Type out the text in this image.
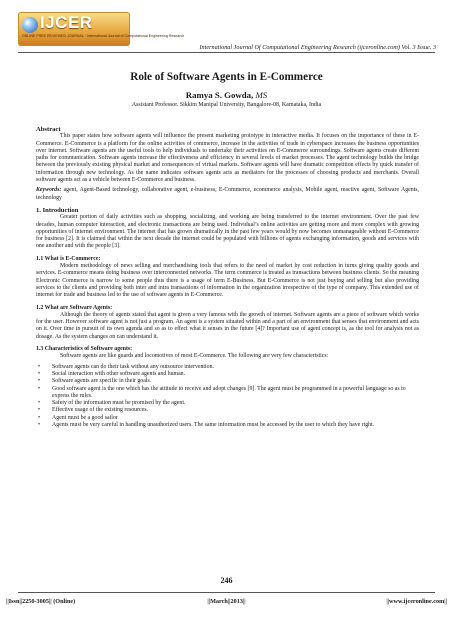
IJCER
ONLINE FREE REVIEWED JOURNAL · International Journal of Computational Engineering Research
International Journal Of Computational Engineering Research (ijceronline.com) Vol. 3 Issue. 3
Role of Software Agents in E-Commerce
Ramya S. Gowda, MS
Assistant Professor. Sikkim Manipal University, Bangalore-08, Karnataka, India

Abstract

This paper states how software agents will influence the present marketing prototype in interactive media. It focuses on the importance of these in E-Commerce. E-Commerce is a platform for the online activities of commerce, increase in the activities of trade in cyberspace increases the business opportunities over internet. Software agents are the useful tools to help individuals to undertake their activities on E-Commerce surroundings. Software agents create different paths for communication. Software agents increase the effectiveness and efficiency in several levels of market processes. The agent technology builds the bridge between the previously existing physical market and consequences of virtual markets. Software agents will have dramatic competition effects by quick transfer of information through new technology. As the name indicates software agents acts as mediators for the processes of choosing products and merchants. Overall software agents act as a vehicle between E-Commerce and business.

Keywords: agent, Agent-Based technology, collaborative agent, e-business, E-Commerce, ecommerce analysis, Mobile agent, reactive agent, Software Agents, technology

1. Introduction

Greater portion of daily activities such as shopping, socializing, and working are being transferred to the internet environment. Over the past few decades, human computer interaction, and electronic transactions are being used. Individual’s online activities are getting more and more complex with growing opportunities of internet environment. The internet that has grown dramatically in the past few years would by now becomes unmanageable without E-Commerce for business [2]. It is claimed that within the next decade the internet could be populated with billions of agents exchanging information, goods and services with one another and with the people [3].

1.1 What is E-Commerce:

Modern methodology of news selling and merchandising tools that refers to the need of market by cost reduction in turns giving quality goods and services. E-commerce means doing business over interconnected networks. The term commerce is treated as transactions between business clients. So the meaning Electronic Commerce is narrow to some people thus there is a usage of term E-Business. But E-Commerce is not just buying and selling but also providing services to the clients and providing both inter and intra transactions of information in the organization irrespective of the type of company. This extended use of internet for trade and business led to the use of software agents in E-Commerce.

1.2 What are Software Agents:

Although the theory of agents stated that agent is given a very famous with the growth of internet. Software agents are a piece of software which works for the user. However software agent is not just a program. An agent is a system situated within and a part of an environment that senses that environment and acts on it. Over time in pursuit of its own agenda and so as to effect what it senses in the future [4]? Important use of agent concept is, as the tool for analysis not as dosage. As the system changes on can understand it.

1.3 Characteristics of Software agents:

Software agents are like guards and locomotives of most E-Commerce. The following are very few characteristics:

• Software agents can do their task without any outsource intervention.
• Social interaction with other software agents and human.
• Software agents are specific in their goals.
• Good software agent is the one which has the attitude to receive and adopt changes [9]. The agent must be programmed in a powerful language so as to express the rules.
• Safety of the information must be promised by the agent.
• Effective usage of the existing resources.
• Agent must be a good sailor
• Agents must be very careful in handling unauthorized users. The same information must be accessed by the user to which they have right.
246
||Issn||2250-3005|| (Online)	||March||2013||	||www.ijceronline.com||
